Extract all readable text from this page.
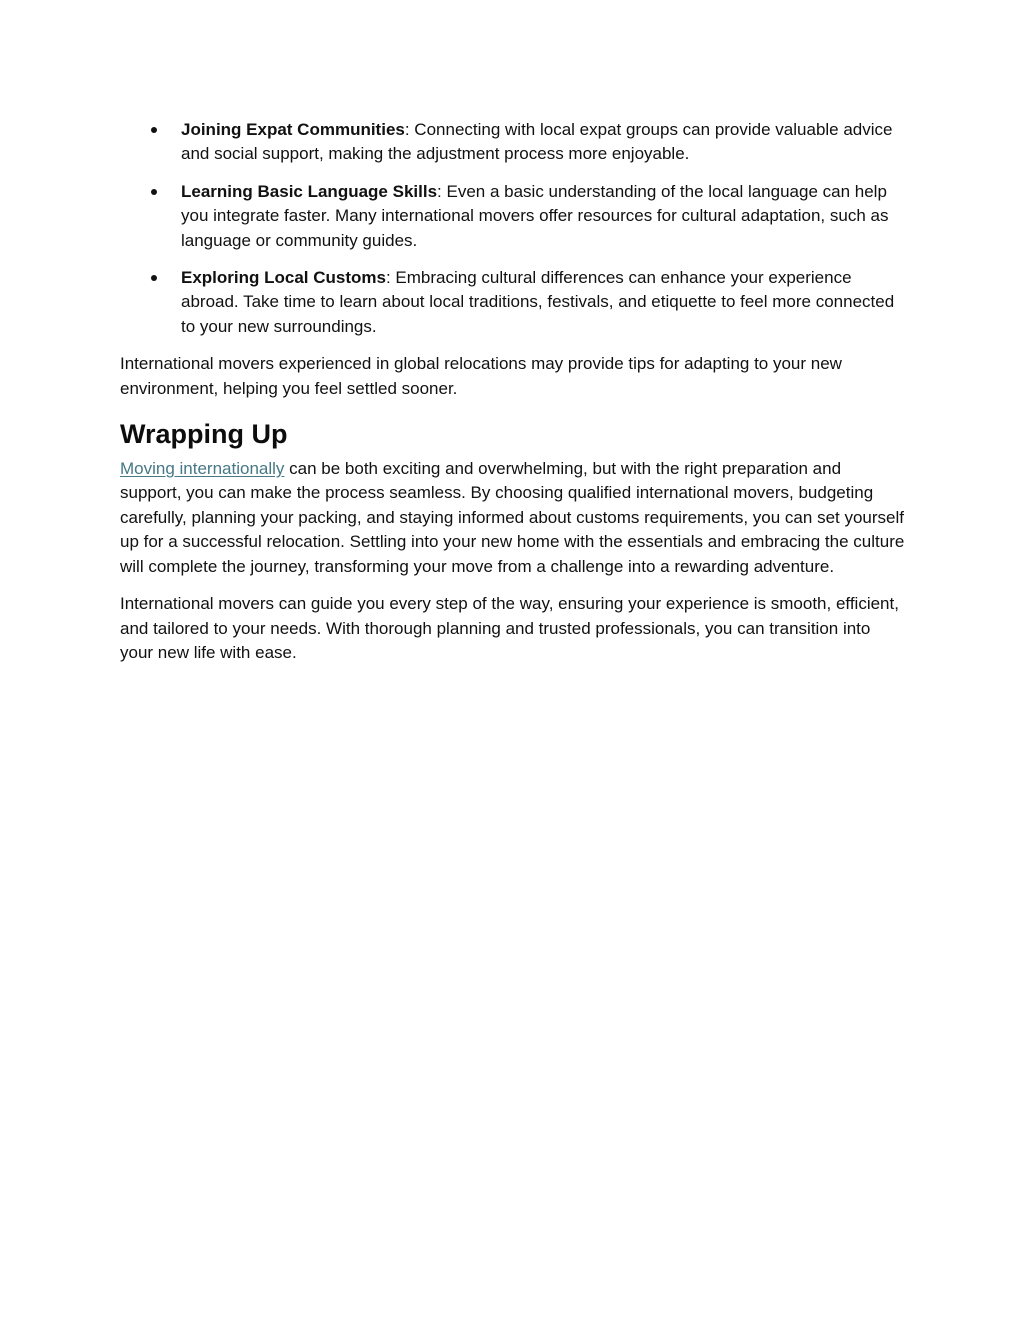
Joining Expat Communities: Connecting with local expat groups can provide valuable advice and social support, making the adjustment process more enjoyable.
Learning Basic Language Skills: Even a basic understanding of the local language can help you integrate faster. Many international movers offer resources for cultural adaptation, such as language or community guides.
Exploring Local Customs: Embracing cultural differences can enhance your experience abroad. Take time to learn about local traditions, festivals, and etiquette to feel more connected to your new surroundings.

International movers experienced in global relocations may provide tips for adapting to your new environment, helping you feel settled sooner.

Wrapping Up

Moving internationally can be both exciting and overwhelming, but with the right preparation and support, you can make the process seamless. By choosing qualified international movers, budgeting carefully, planning your packing, and staying informed about customs requirements, you can set yourself up for a successful relocation. Settling into your new home with the essentials and embracing the culture will complete the journey, transforming your move from a challenge into a rewarding adventure.

International movers can guide you every step of the way, ensuring your experience is smooth, efficient, and tailored to your needs. With thorough planning and trusted professionals, you can transition into your new life with ease.
